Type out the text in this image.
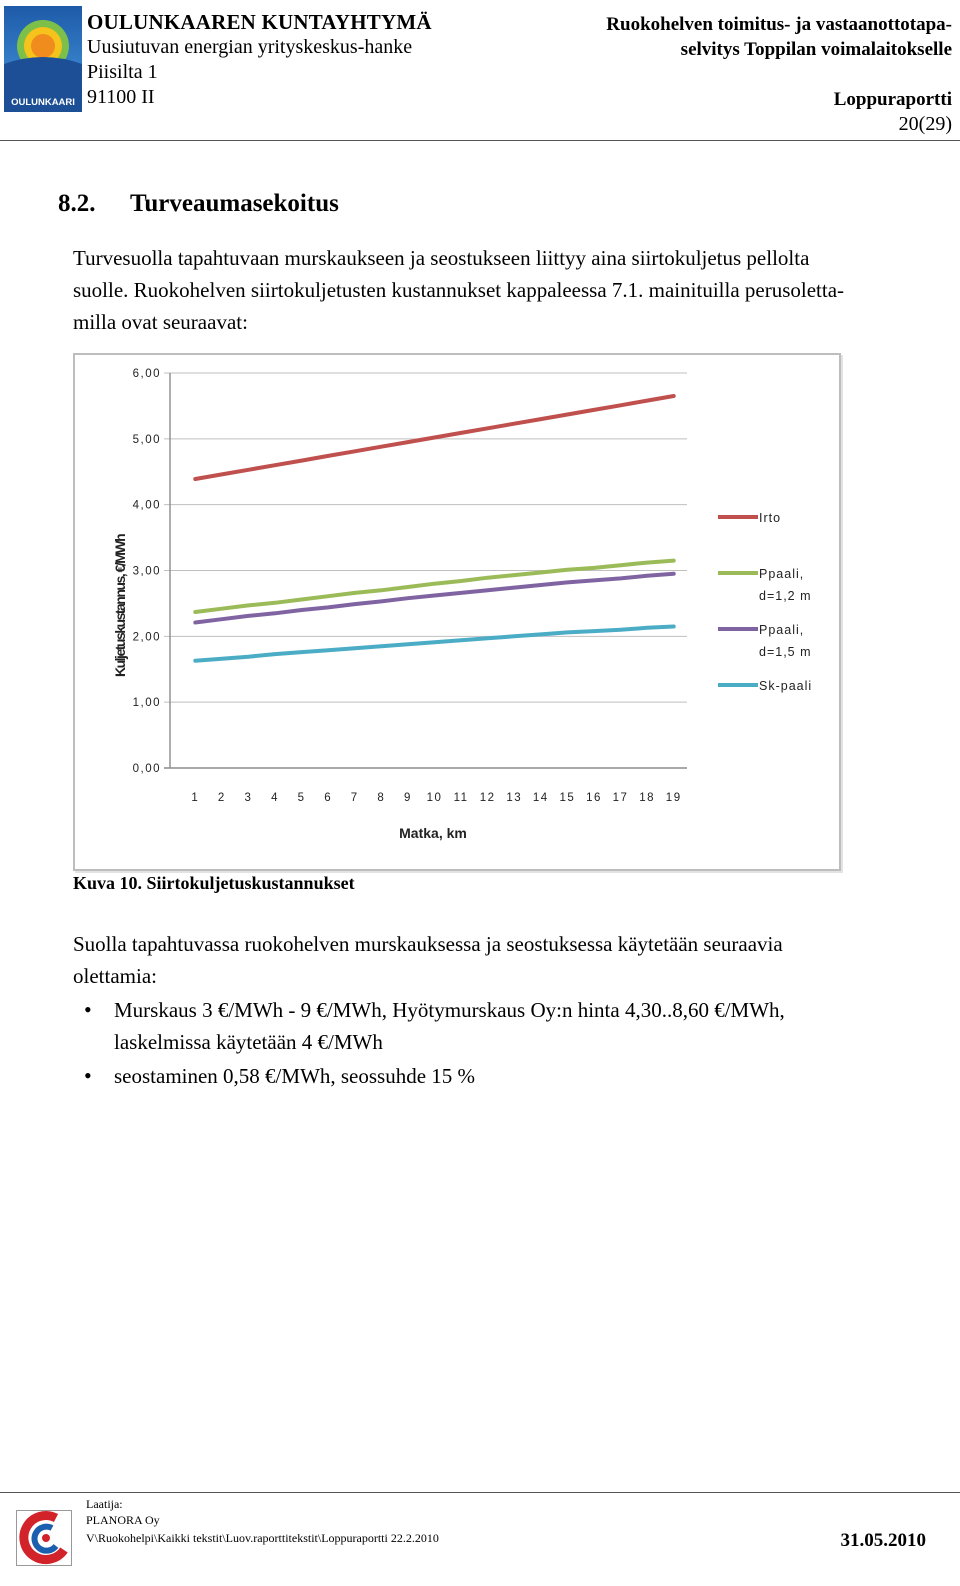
OULUNKAARI
OULUNKAAREN KUNTAYHTYMÄ
Uusiutuvan energian yrityskeskus-hanke
Piisilta 1
91100 II
Ruokohelven toimitus- ja vastaanottotapa-
selvitys Toppilan voimalaitokselle
Loppuraportti
20(29)
8.2. Turveaumasekoitus
Turvesuolla tapahtuvaan murskaukseen ja seostukseen liittyy aina siirtokuljetus pellolta
suolle. Ruokohelven siirtokuljetusten kustannukset kappaleessa 7.1. mainituilla perusoletta-
milla ovat seuraavat:
0,00
1,00
2,00
3,00
4,00
5,00
6,00
1 2 3 4 5 6 7 8 9 10 11 12 13 14 15 16 17 18 19
Matka, km
Kuljetuskustannus, €/MWh
Irto
Ppaali,
d=1,2 m
Ppaali,
d=1,5 m
Sk-paali
Kuva 10. Siirtokuljetuskustannukset
Suolla tapahtuvassa ruokohelven murskauksessa ja seostuksessa käytetään seuraavia
olettamia:
• Murskaus 3 €/MWh - 9 €/MWh, Hyötymurskaus Oy:n hinta 4,30..8,60 €/MWh,
laskelmissa käytetään 4 €/MWh
• seostaminen 0,58 €/MWh, seossuhde 15 %
Laatija:
PLANORA Oy
V\Ruokohelpi\Kaikki tekstit\Luov.raporttitekstit\Loppuraportti 22.2.2010	31.05.2010
